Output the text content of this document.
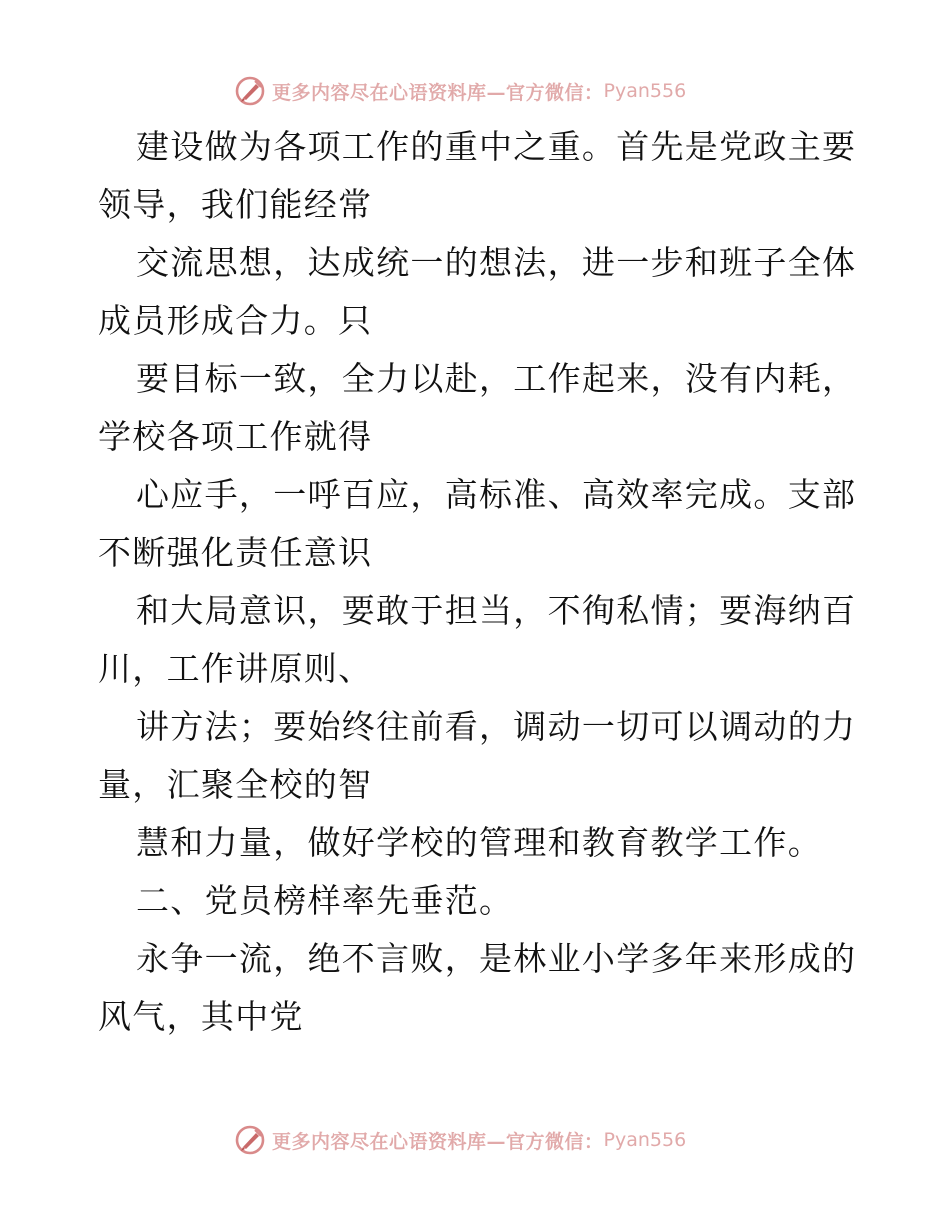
更多内容尽在心语资料库—官方微信： Pyan556
建设做为各项工作的重中之重。首先是党政主要
领导，我们能经常
交流思想，达成统一的想法，进一步和班子全体
成员形成合力。只
要目标一致，全力以赴，工作起来，没有内耗，
学校各项工作就得
心应手，一呼百应，高标准、高效率完成。支部
不断强化责任意识
和大局意识，要敢于担当，不徇私情；要海纳百
川，工作讲原则、
讲方法；要始终往前看，调动一切可以调动的力
量，汇聚全校的智
慧和力量，做好学校的管理和教育教学工作。
二、党员榜样率先垂范。
永争一流，绝不言败，是林业小学多年来形成的
风气，其中党
更多内容尽在心语资料库—官方微信： Pyan556
